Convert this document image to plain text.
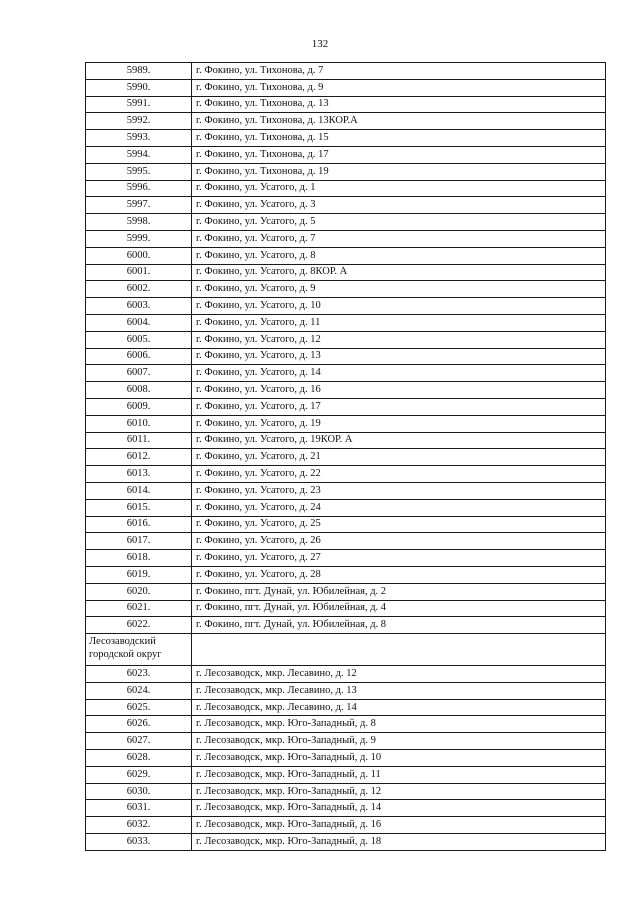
132
5989.	г. Фокино, ул. Тихонова, д. 7
5990.	г. Фокино, ул. Тихонова, д. 9
5991.	г. Фокино, ул. Тихонова, д. 13
5992.	г. Фокино, ул. Тихонова, д. 13КОР.А
5993.	г. Фокино, ул. Тихонова, д. 15
5994.	г. Фокино, ул. Тихонова, д. 17
5995.	г. Фокино, ул. Тихонова, д. 19
5996.	г. Фокино, ул. Усатого, д. 1
5997.	г. Фокино, ул. Усатого, д. 3
5998.	г. Фокино, ул. Усатого, д. 5
5999.	г. Фокино, ул. Усатого, д. 7
6000.	г. Фокино, ул. Усатого, д. 8
6001.	г. Фокино, ул. Усатого, д. 8КОР. А
6002.	г. Фокино, ул. Усатого, д. 9
6003.	г. Фокино, ул. Усатого, д. 10
6004.	г. Фокино, ул. Усатого, д. 11
6005.	г. Фокино, ул. Усатого, д. 12
6006.	г. Фокино, ул. Усатого, д. 13
6007.	г. Фокино, ул. Усатого, д. 14
6008.	г. Фокино, ул. Усатого, д. 16
6009.	г. Фокино, ул. Усатого, д. 17
6010.	г. Фокино, ул. Усатого, д. 19
6011.	г. Фокино, ул. Усатого, д. 19КОР. А
6012.	г. Фокино, ул. Усатого, д. 21
6013.	г. Фокино, ул. Усатого, д. 22
6014.	г. Фокино, ул. Усатого, д. 23
6015.	г. Фокино, ул. Усатого, д. 24
6016.	г. Фокино, ул. Усатого, д. 25
6017.	г. Фокино, ул. Усатого, д. 26
6018.	г. Фокино, ул. Усатого, д. 27
6019.	г. Фокино, ул. Усатого, д. 28
6020.	г. Фокино, пгт. Дунай, ул. Юбилейная, д. 2
6021.	г. Фокино, пгт. Дунай, ул. Юбилейная, д. 4
6022.	г. Фокино, пгт. Дунай, ул. Юбилейная, д. 8
Лесозаводский городской округ	
6023.	г. Лесозаводск, мкр. Лесавино, д. 12
6024.	г. Лесозаводск, мкр. Лесавино, д. 13
6025.	г. Лесозаводск, мкр. Лесавино, д. 14
6026.	г. Лесозаводск, мкр. Юго-Западный, д. 8
6027.	г. Лесозаводск, мкр. Юго-Западный, д. 9
6028.	г. Лесозаводск, мкр. Юго-Западный, д. 10
6029.	г. Лесозаводск, мкр. Юго-Западный, д. 11
6030.	г. Лесозаводск, мкр. Юго-Западный, д. 12
6031.	г. Лесозаводск, мкр. Юго-Западный, д. 14
6032.	г. Лесозаводск, мкр. Юго-Западный, д. 16
6033.	г. Лесозаводск, мкр. Юго-Западный, д. 18
